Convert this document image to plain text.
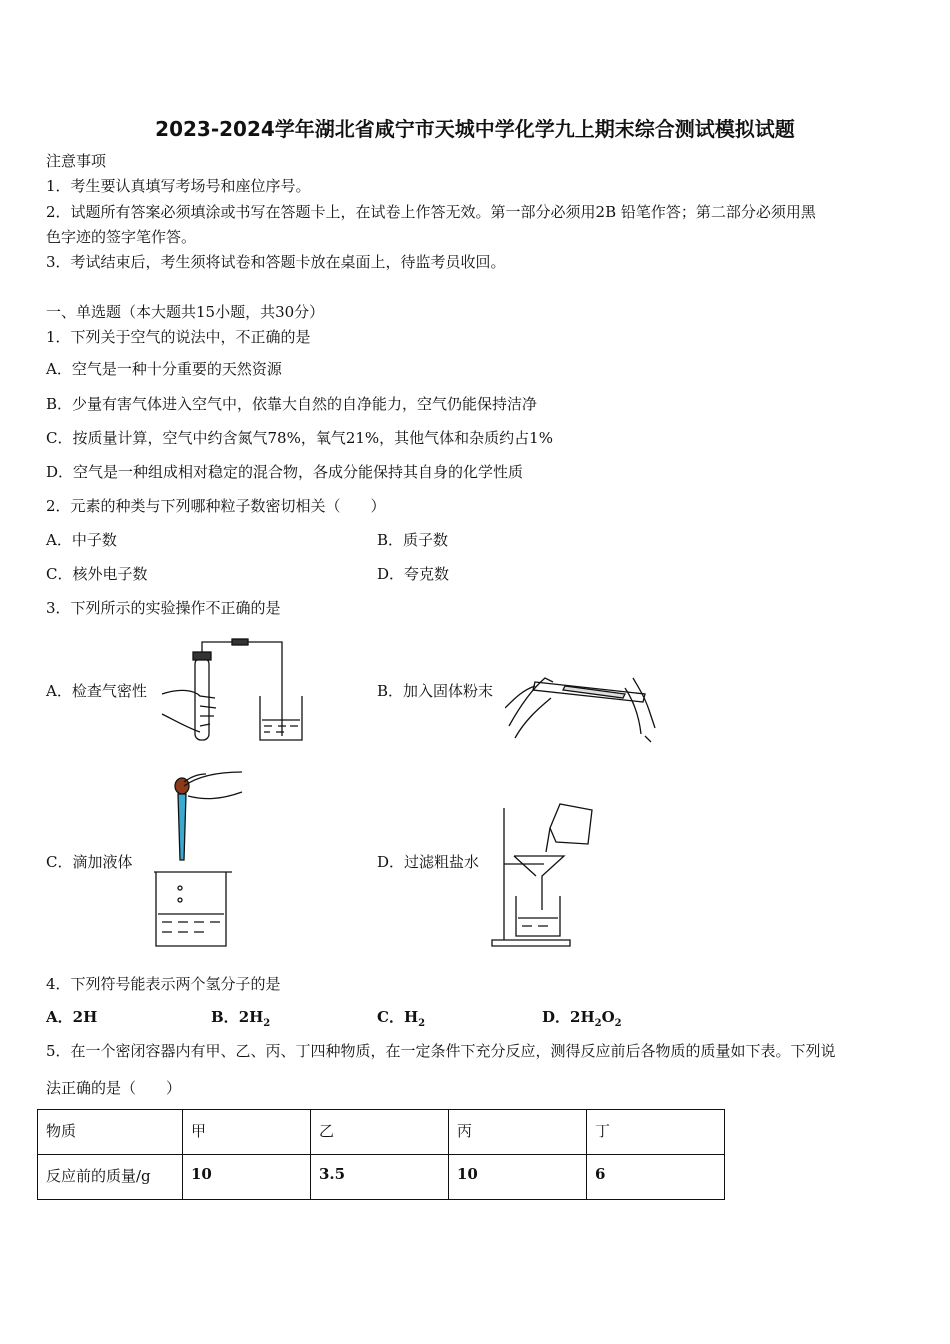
2023-2024学年湖北省咸宁市天城中学化学九上期末综合测试模拟试题
注意事项
1．考生要认真填写考场号和座位序号。
2．试题所有答案必须填涂或书写在答题卡上，在试卷上作答无效。第一部分必须用2B 铅笔作答；第二部分必须用黑
色字迹的签字笔作答。
3．考试结束后，考生须将试卷和答题卡放在桌面上，待监考员收回。
一、单选题（本大题共15小题，共30分）
1．下列关于空气的说法中，不正确的是
A．空气是一种十分重要的天然资源
B．少量有害气体进入空气中，依靠大自然的自净能力，空气仍能保持洁净
C．按质量计算，空气中约含氮气78%，氧气21%，其他气体和杂质约占1%
D．空气是一种组成相对稳定的混合物，各成分能保持其自身的化学性质
2．元素的种类与下列哪种粒子数密切相关（　　）
A．中子数	B．质子数
C．核外电子数	D．夸克数
3．下列所示的实验操作不正确的是
A．检查气密性	B．加入固体粉末
C．滴加液体	D．过滤粗盐水
4．下列符号能表示两个氢分子的是
A．2H	B．$2H_2$	C．$H_2$	D．$2H_2O_2$
5．在一个密闭容器内有甲、乙、丙、丁四种物质，在一定条件下充分反应，测得反应前后各物质的质量如下表。下列说
法正确的是（　　）
物质	甲	乙	丙	丁
反应前的质量/g	10	3.5	10	6
